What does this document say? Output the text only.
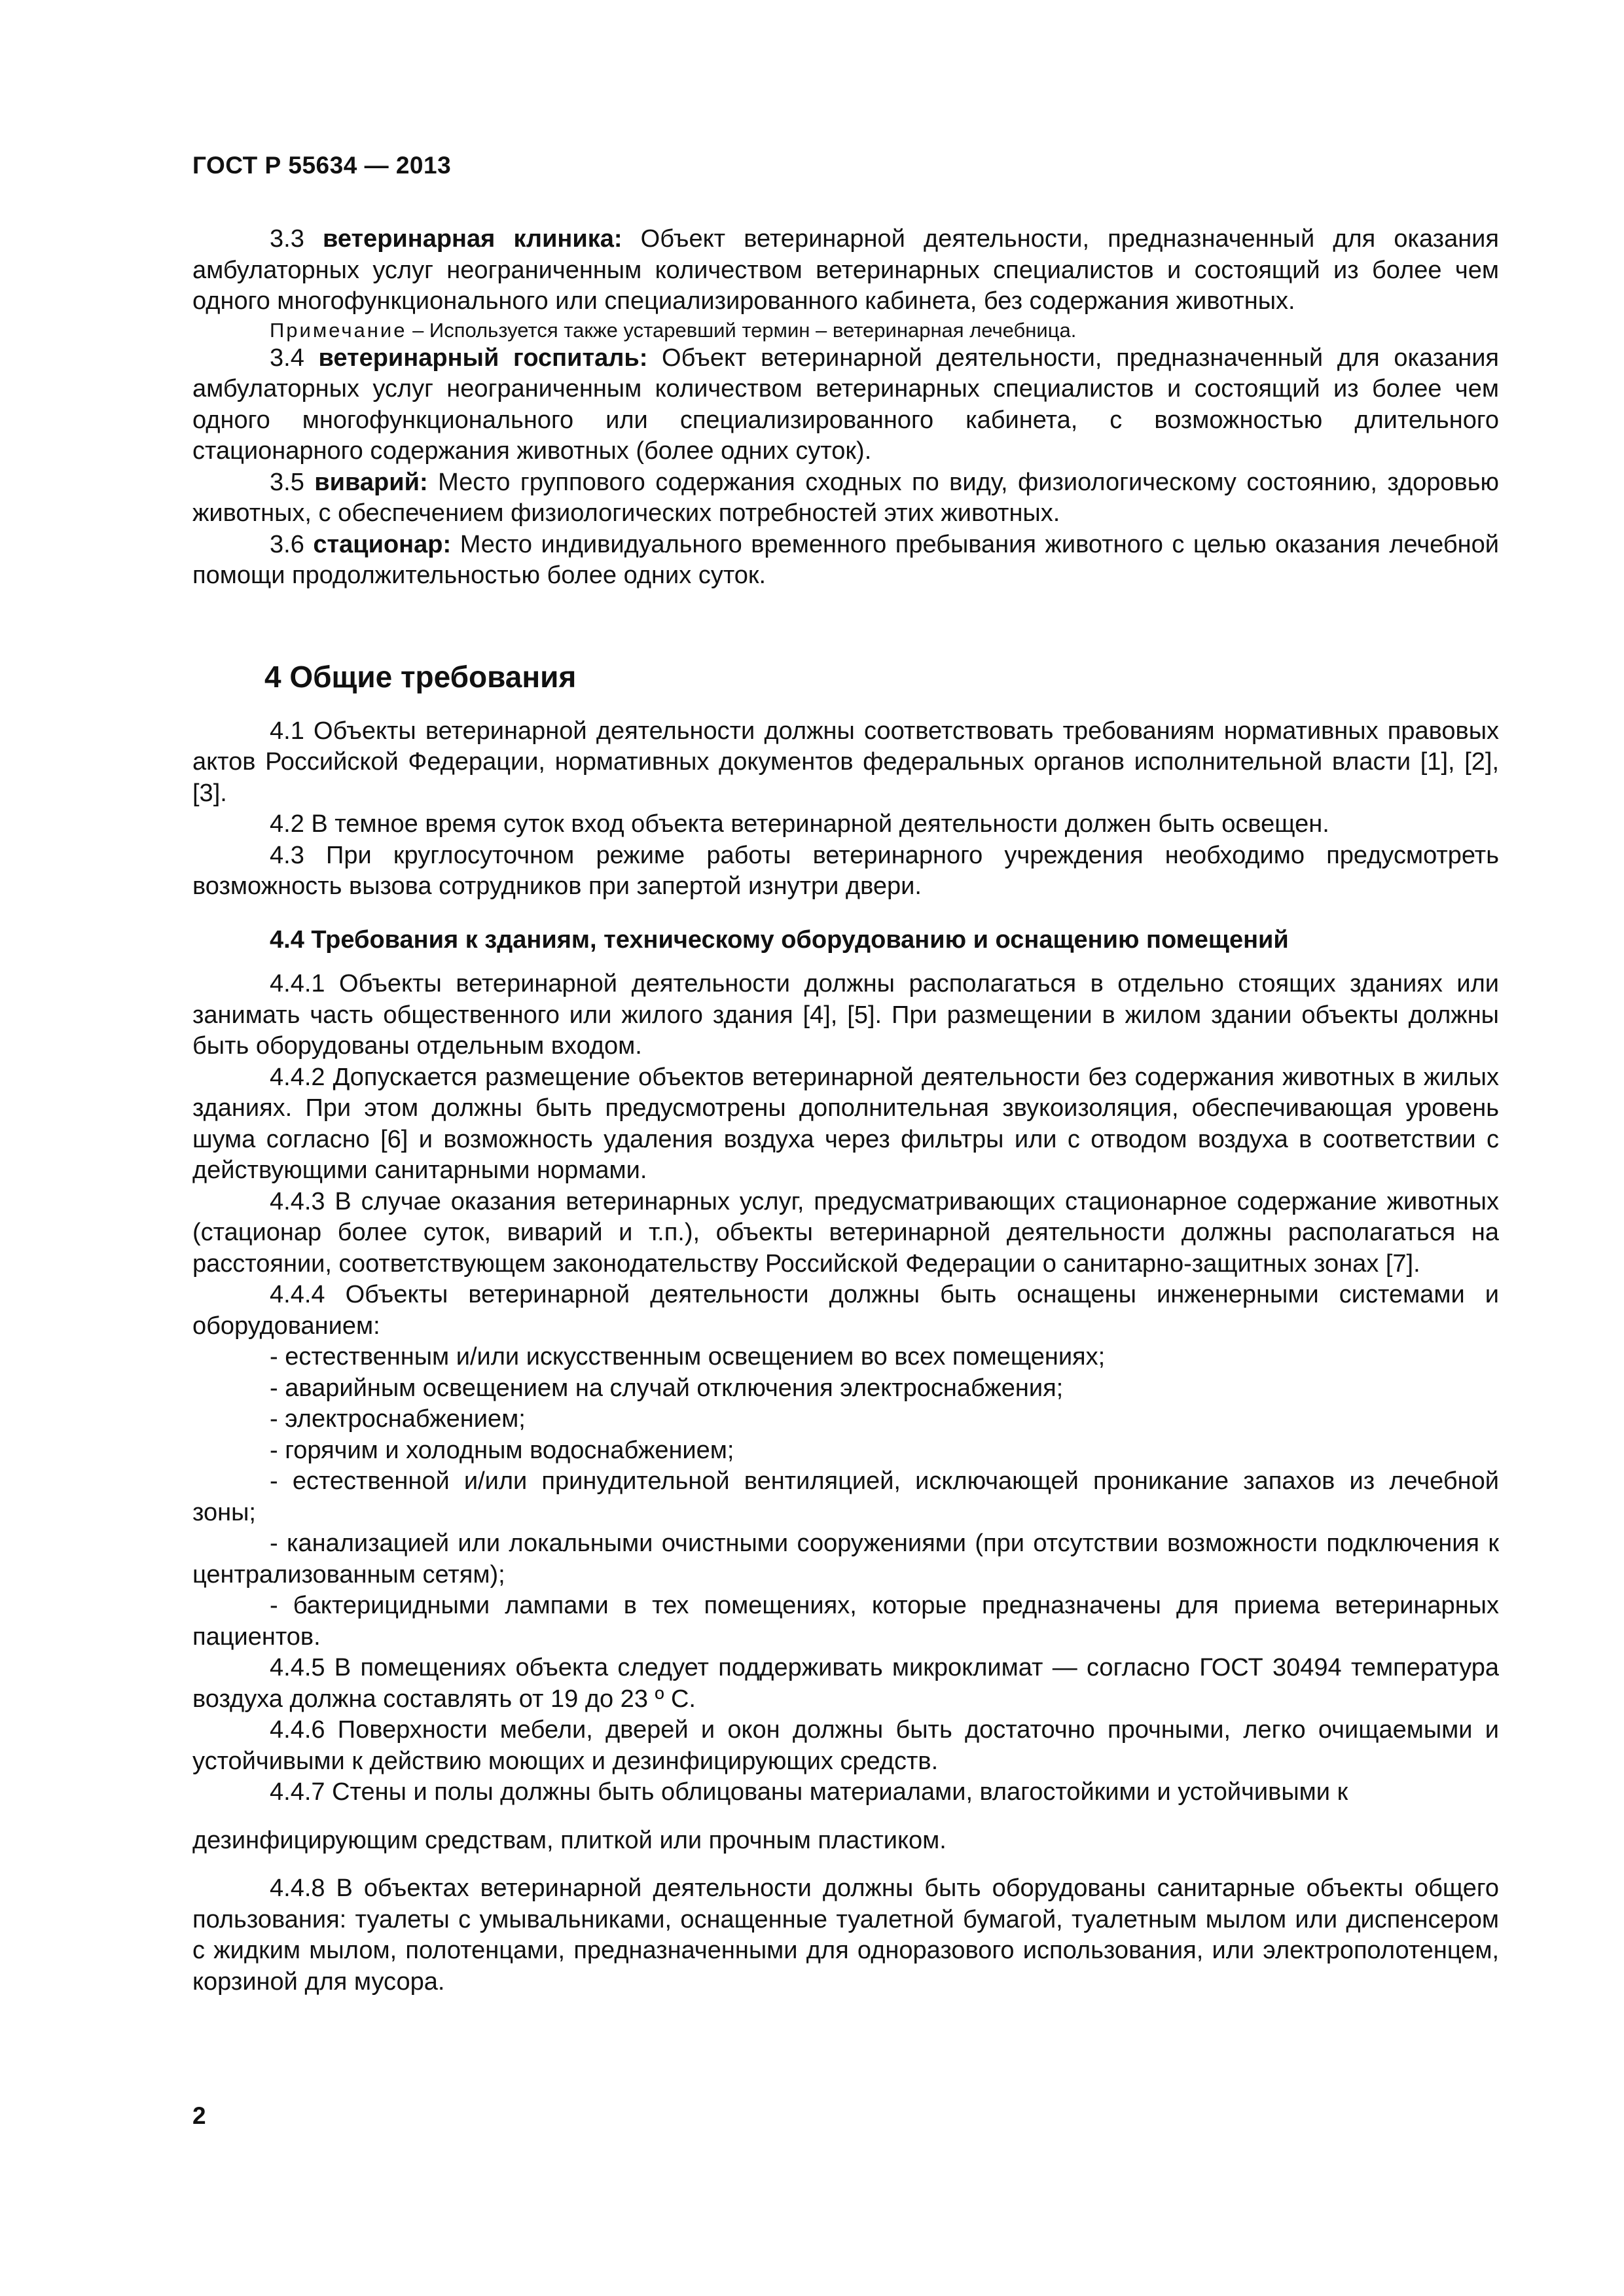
ГОСТ Р 55634 — 2013

3.3 ветеринарная клиника: Объект ветеринарной деятельности, предназначенный для оказания амбулаторных услуг неограниченным количеством ветеринарных специалистов и состоящий из более чем одного многофункционального или специализированного кабинета, без содержания животных.

Примечание – Используется также устаревший термин – ветеринарная лечебница.

3.4 ветеринарный госпиталь: Объект ветеринарной деятельности, предназначенный для оказания амбулаторных услуг неограниченным количеством ветеринарных специалистов и состоящий из более чем одного многофункционального или специализированного кабинета, с возможностью длительного стационарного содержания животных (более одних суток).

3.5 виварий: Место группового содержания сходных по виду, физиологическому состоянию, здоровью животных, с обеспечением физиологических потребностей этих животных.

3.6 стационар: Место индивидуального временного пребывания животного с целью оказания лечебной помощи продолжительностью более одних суток.

4 Общие требования

4.1 Объекты ветеринарной деятельности должны соответствовать требованиям нормативных правовых актов Российской Федерации, нормативных документов федеральных органов исполнительной власти [1], [2], [3].

4.2 В темное время суток вход объекта ветеринарной деятельности должен быть освещен.

4.3 При круглосуточном режиме работы ветеринарного учреждения необходимо предусмотреть возможность вызова сотрудников при запертой изнутри двери.

4.4 Требования к зданиям, техническому оборудованию и оснащению помещений

4.4.1 Объекты ветеринарной деятельности должны располагаться в отдельно стоящих зданиях или занимать часть общественного или жилого здания [4], [5]. При размещении в жилом здании объекты должны быть оборудованы отдельным входом.

4.4.2 Допускается размещение объектов ветеринарной деятельности без содержания животных в жилых зданиях. При этом должны быть предусмотрены дополнительная звукоизоляция, обеспечивающая уровень шума согласно [6] и возможность удаления воздуха через фильтры или с отводом воздуха в соответствии с действующими санитарными нормами.

4.4.3 В случае оказания ветеринарных услуг, предусматривающих стационарное содержание животных (стационар более суток, виварий и т.п.), объекты ветеринарной деятельности должны располагаться на расстоянии, соответствующем законодательству Российской Федерации о санитарно-защитных зонах [7].

4.4.4 Объекты ветеринарной деятельности должны быть оснащены инженерными системами и оборудованием:

- естественным и/или искусственным освещением во всех помещениях;

- аварийным освещением на случай отключения электроснабжения;

- электроснабжением;

- горячим и холодным водоснабжением;

- естественной и/или принудительной вентиляцией, исключающей проникание запахов из лечебной зоны;

- канализацией или локальными очистными сооружениями (при отсутствии возможности подключения к централизованным сетям);

- бактерицидными лампами в тех помещениях, которые предназначены для приема ветеринарных пациентов.

4.4.5 В помещениях объекта следует поддерживать микроклимат — согласно ГОСТ 30494 температура воздуха должна составлять от 19 до 23 º С.

4.4.6 Поверхности мебели, дверей и окон должны быть достаточно прочными, легко очищаемыми и устойчивыми к действию моющих и дезинфицирующих средств.

4.4.7 Стены и полы должны быть облицованы материалами, влагостойкими и устойчивыми к

дезинфицирующим средствам, плиткой или прочным пластиком.

4.4.8 В объектах ветеринарной деятельности должны быть оборудованы санитарные объекты общего пользования: туалеты с умывальниками, оснащенные туалетной бумагой, туалетным мылом или диспенсером с жидким мылом, полотенцами, предназначенными для одноразового использования, или электрополотенцем, корзиной для мусора.

2
